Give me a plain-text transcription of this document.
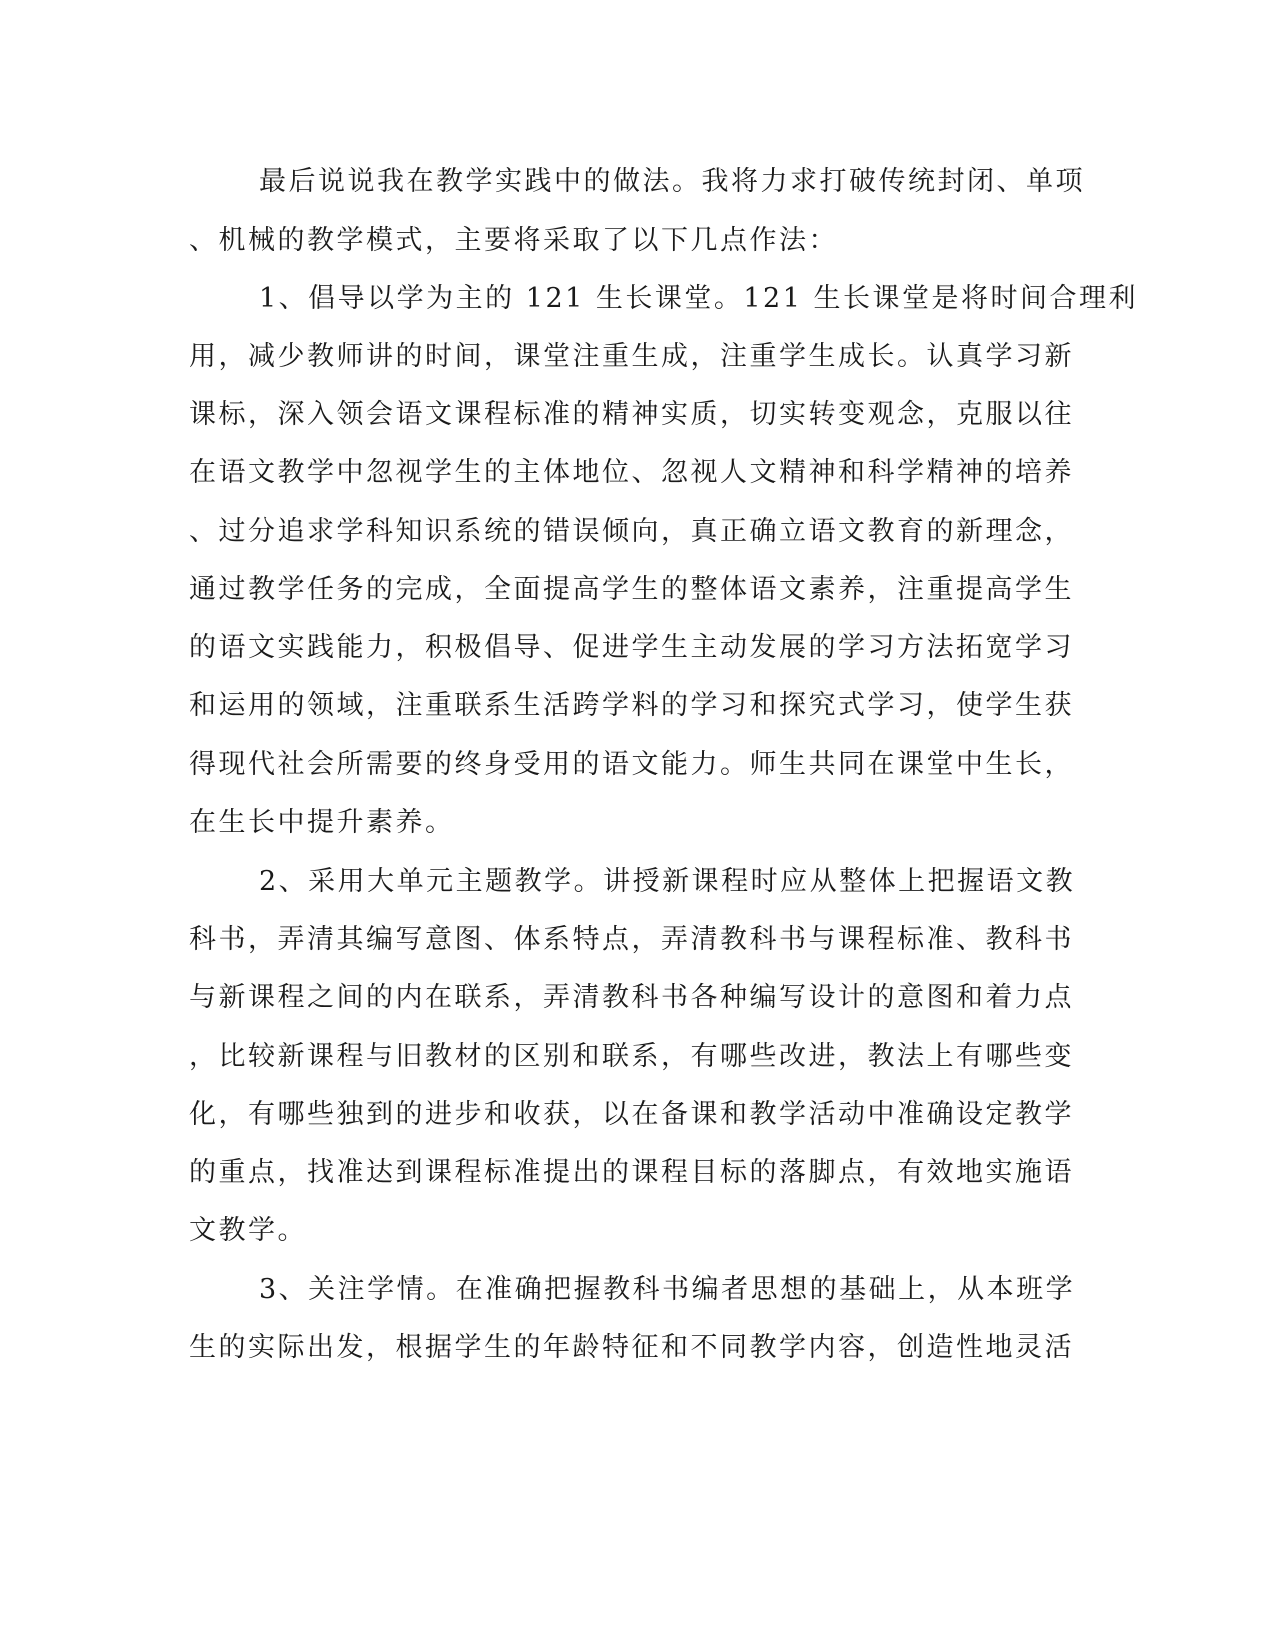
最后说说我在教学实践中的做法。我将力求打破传统封闭、单项
、机械的教学模式，主要将采取了以下几点作法：
1、倡导以学为主的 121 生长课堂。121 生长课堂是将时间合理利
用，减少教师讲的时间，课堂注重生成，注重学生成长。认真学习新
课标，深入领会语文课程标准的精神实质，切实转变观念，克服以往
在语文教学中忽视学生的主体地位、忽视人文精神和科学精神的培养
、过分追求学科知识系统的错误倾向，真正确立语文教育的新理念，
通过教学任务的完成，全面提高学生的整体语文素养，注重提高学生
的语文实践能力，积极倡导、促进学生主动发展的学习方法拓宽学习
和运用的领域，注重联系生活跨学料的学习和探究式学习，使学生获
得现代社会所需要的终身受用的语文能力。师生共同在课堂中生长，
在生长中提升素养。
2、采用大单元主题教学。讲授新课程时应从整体上把握语文教
科书，弄清其编写意图、体系特点，弄清教科书与课程标准、教科书
与新课程之间的内在联系，弄清教科书各种编写设计的意图和着力点
，比较新课程与旧教材的区别和联系，有哪些改进，教法上有哪些变
化，有哪些独到的进步和收获，以在备课和教学活动中准确设定教学
的重点，找准达到课程标准提出的课程目标的落脚点，有效地实施语
文教学。
3、关注学情。在准确把握教科书编者思想的基础上，从本班学
生的实际出发，根据学生的年龄特征和不同教学内容，创造性地灵活
